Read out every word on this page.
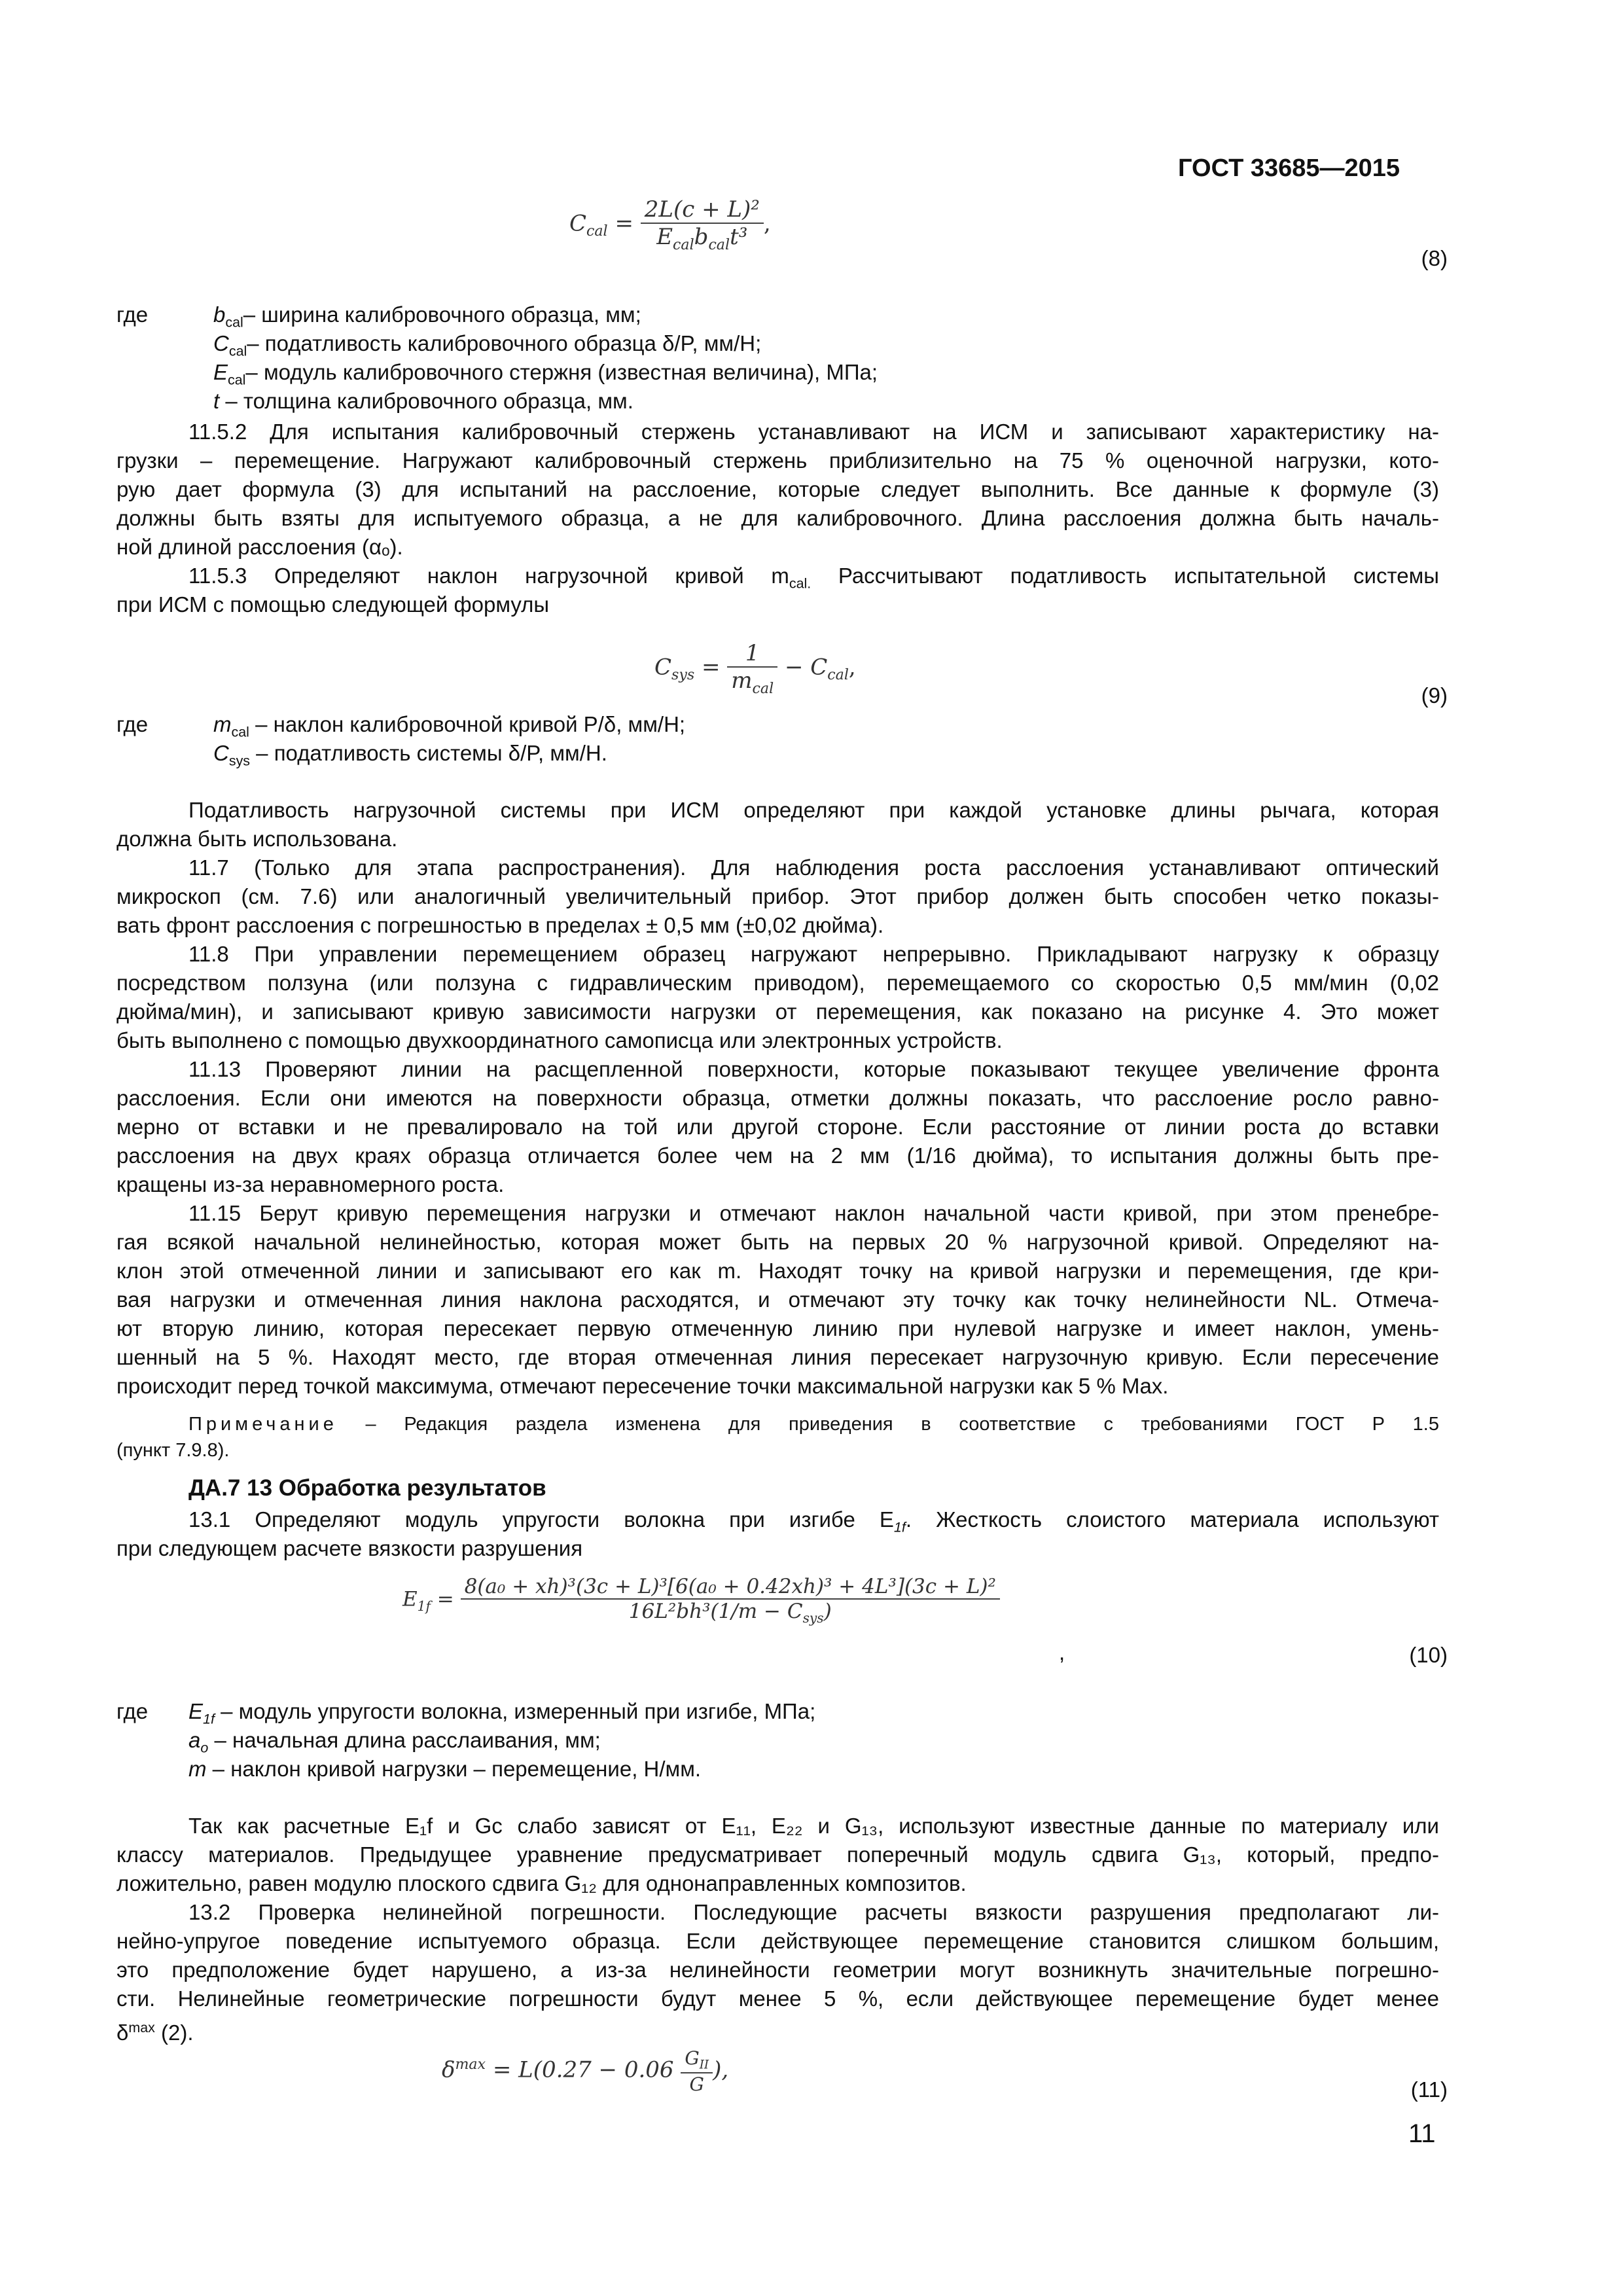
ГОСТ 33685—2015
$C_{cal} = \frac{\text{2L(c + L)²}}{E_{cal}b_{cal}t^3}$ ,
(8)
где	$b_{cal}-$ ширина калибровочного образца, мм;
$C_{cal}-$ податливость калибровочного образца δ/P, мм/Н;
$E_{cal}-$ модуль калибровочного стержня (известная величина), МПа;
t – толщина калибровочного образца, мм.
11.5.2 Для испытания калибровочный стержень устанавливают на ИСМ и записывают характеристику на-
грузки – перемещение. Нагружают калибровочный стержень приблизительно на 75 % оценочной нагрузки, кото-
рую дает формула (3) для испытаний на расслоение, которые следует выполнить. Все данные к формуле (3)
должны быть взяты для испытуемого образца, а не для калибровочного. Длина расслоения должна быть началь-
ной длиной расслоения (αₒ).
11.5.3 Определяют наклон нагрузочной кривой $m_{cal.}$ Рассчитывают податливость испытательной системы
при ИСМ с помощью следующей формулы
$C_{sys} = \frac{1}{m_{cal}} - C_{cal}$,
(9)
где	$m_{cal}$ – наклон калибровочной кривой P/δ, мм/Н;
$C_{sys}$ – податливость системы δ/P, мм/Н.
Податливость нагрузочной системы при ИСМ определяют при каждой установке длины рычага, которая
должна быть использована.
11.7 (Только для этапа распространения). Для наблюдения роста расслоения устанавливают оптический
микроскоп (см. 7.6) или аналогичный увеличительный прибор. Этот прибор должен быть способен четко показы-
вать фронт расслоения с погрешностью в пределах ± 0,5 мм (±0,02 дюйма).
11.8 При управлении перемещением образец нагружают непрерывно. Прикладывают нагрузку к образцу
посредством ползуна (или ползуна с гидравлическим приводом), перемещаемого со скоростью 0,5 мм/мин (0,02
дюйма/мин), и записывают кривую зависимости нагрузки от перемещения, как показано на рисунке 4. Это может
быть выполнено с помощью двухкоординатного самописца или электронных устройств.
11.13 Проверяют линии на расщепленной поверхности, которые показывают текущее увеличение фронта
расслоения. Если они имеются на поверхности образца, отметки должны показать, что расслоение росло равно-
мерно от вставки и не превалировало на той или другой стороне. Если расстояние от линии роста до вставки
расслоения на двух краях образца отличается более чем на 2 мм (1/16 дюйма), то испытания должны быть пре-
кращены из-за неравномерного роста.
11.15 Берут кривую перемещения нагрузки и отмечают наклон начальной части кривой, при этом пренебре-
гая всякой начальной нелинейностью, которая может быть на первых 20 % нагрузочной кривой. Определяют на-
клон этой отмеченной линии и записывают его как m. Находят точку на кривой нагрузки и перемещения, где кри-
вая нагрузки и отмеченная линия наклона расходятся, и отмечают эту точку как точку нелинейности NL. Отмеча-
ют вторую линию, которая пересекает первую отмеченную линию при нулевой нагрузке и имеет наклон, умень-
шенный на 5 %. Находят место, где вторая отмеченная линия пересекает нагрузочную кривую. Если пересечение
происходит перед точкой максимума, отмечают пересечение точки максимальной нагрузки как 5 % Max.
Примечание – Редакция раздела изменена для приведения в соответствие с требованиями ГОСТ Р 1.5
(пункт 7.9.8).
ДА.7 13 Обработка результатов
13.1 Определяют модуль упругости волокна при изгибе $E_{1f}$. Жесткость слоистого материала используют
при следующем расчете вязкости разрушения
$E_{1f} = \frac{\text{8(a₀ + xh)³(3c + L)³[6(a₀ + 0.42xh)³ + 4L³](3c + L)²}}{16L^2bh^3(1/m - C_{sys})}$
,	(10)
где $E_{1f}$ – модуль упругости волокна, измеренный при изгибе, МПа;
$a_o$ – начальная длина расслаивания, мм;
m – наклон кривой нагрузки – перемещение, Н/мм.
Так как расчетные E₁f и Gc слабо зависят от E₁₁, E₂₂ и G₁₃, используют известные данные по материалу или
классу материалов. Предыдущее уравнение предусматривает поперечный модуль сдвига G₁₃, который, предпо-
ложительно, равен модулю плоского сдвига G₁₂ для однонаправленных композитов.
13.2 Проверка нелинейной погрешности. Последующие расчеты вязкости разрушения предполагают ли-
нейно-упругое поведение испытуемого образца. Если действующее перемещение становится слишком большим,
это предположение будет нарушено, а из-за нелинейности геометрии могут возникнуть значительные погрешно-
сти. Нелинейные геометрические погрешности будут менее 5 %, если действующее перемещение будет менее
$\delta^{max}$ (2).
$\delta^{max} = L(0.27 - 0.06 \frac{G_{II}}{G}$ ),
(11)
11
